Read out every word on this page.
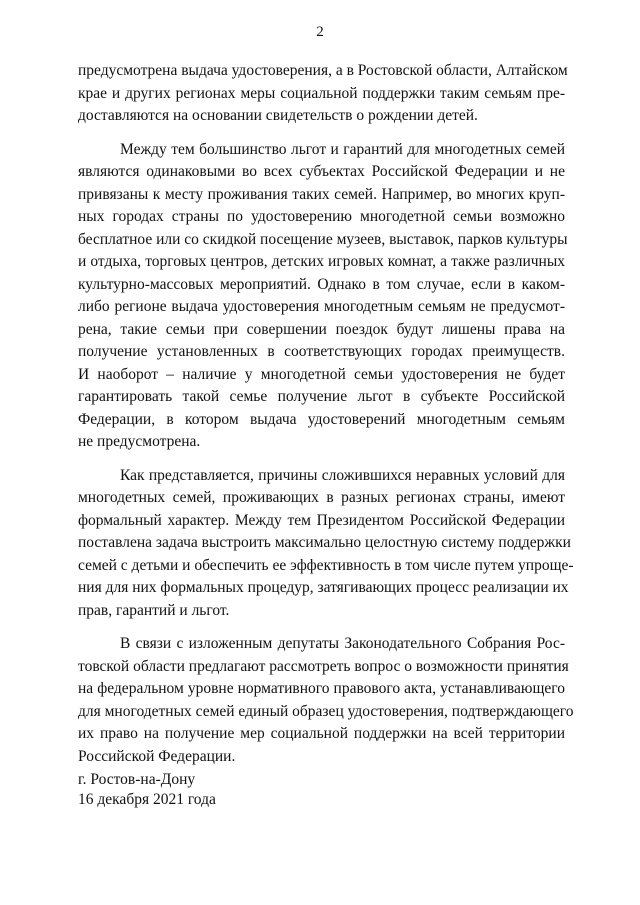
2

предусмотрена выдача удостоверения, а в Ростовской области, Алтайском
крае и других регионах меры социальной поддержки таким семьям пре-
доставляются на основании свидетельств о рождении детей.

Между тем большинство льгот и гарантий для многодетных семей
являются одинаковыми во всех субъектах Российской Федерации и не
привязаны к месту проживания таких семей. Например, во многих круп-
ных городах страны по удостоверению многодетной семьи возможно
бесплатное или со скидкой посещение музеев, выставок, парков культуры
и отдыха, торговых центров, детских игровых комнат, а также различных
культурно-массовых мероприятий. Однако в том случае, если в каком-
либо регионе выдача удостоверения многодетным семьям не предусмот-
рена, такие семьи при совершении поездок будут лишены права на
получение установленных в соответствующих городах преимуществ.
И наоборот – наличие у многодетной семьи удостоверения не будет
гарантировать такой семье получение льгот в субъекте Российской
Федерации, в котором выдача удостоверений многодетным семьям
не предусмотрена.

Как представляется, причины сложившихся неравных условий для
многодетных семей, проживающих в разных регионах страны, имеют
формальный характер. Между тем Президентом Российской Федерации
поставлена задача выстроить максимально целостную систему поддержки
семей с детьми и обеспечить ее эффективность в том числе путем упроще-
ния для них формальных процедур, затягивающих процесс реализации их
прав, гарантий и льгот.

В связи с изложенным депутаты Законодательного Собрания Рос-
товской области предлагают рассмотреть вопрос о возможности принятия
на федеральном уровне нормативного правового акта, устанавливающего
для многодетных семей единый образец удостоверения, подтверждающего
их право на получение мер социальной поддержки на всей территории
Российской Федерации.

г. Ростов-на-Дону
16 декабря 2021 года
